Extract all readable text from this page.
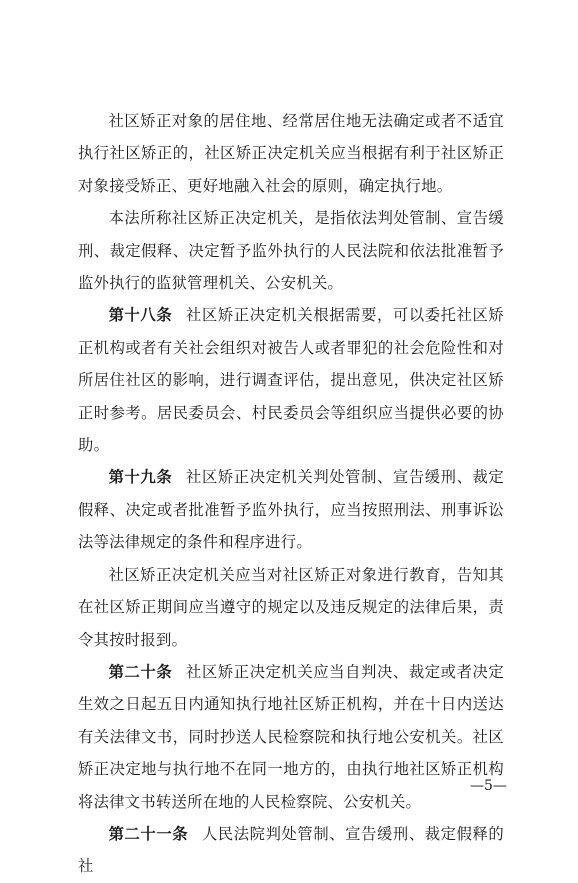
社区矫正对象的居住地、经常居住地无法确定或者不适宜执行社区矫正的，社区矫正决定机关应当根据有利于社区矫正对象接受矫正、更好地融入社会的原则，确定执行地。

本法所称社区矫正决定机关，是指依法判处管制、宣告缓刑、裁定假释、决定暂予监外执行的人民法院和依法批准暂予监外执行的监狱管理机关、公安机关。

第十八条 社区矫正决定机关根据需要，可以委托社区矫正机构或者有关社会组织对被告人或者罪犯的社会危险性和对所居住社区的影响，进行调查评估，提出意见，供决定社区矫正时参考。居民委员会、村民委员会等组织应当提供必要的协助。

第十九条 社区矫正决定机关判处管制、宣告缓刑、裁定假释、决定或者批准暂予监外执行，应当按照刑法、刑事诉讼法等法律规定的条件和程序进行。

社区矫正决定机关应当对社区矫正对象进行教育，告知其在社区矫正期间应当遵守的规定以及违反规定的法律后果，责令其按时报到。

第二十条 社区矫正决定机关应当自判决、裁定或者决定生效之日起五日内通知执行地社区矫正机构，并在十日内送达有关法律文书，同时抄送人民检察院和执行地公安机关。社区矫正决定地与执行地不在同一地方的，由执行地社区矫正机构将法律文书转送所在地的人民检察院、公安机关。

第二十一条 人民法院判处管制、宣告缓刑、裁定假释的社

—5—
